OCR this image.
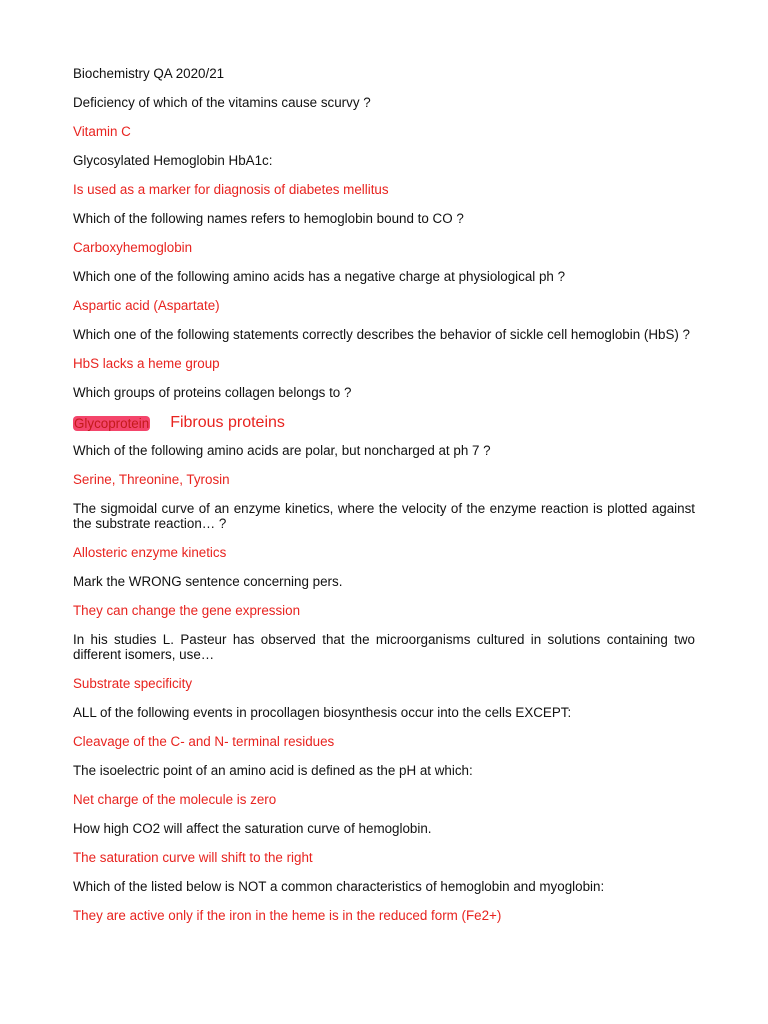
Biochemistry QA 2020/21

Deficiency of which of the vitamins cause scurvy ?

Vitamin C

Glycosylated Hemoglobin HbA1c:

Is used as a marker for diagnosis of diabetes mellitus

Which of the following names refers to hemoglobin bound to CO ?

Carboxyhemoglobin

Which one of the following amino acids has a negative charge at physiological ph ?

Aspartic acid (Aspartate)

Which one of the following statements correctly describes the behavior of sickle cell hemoglobin (HbS) ?

HbS lacks a heme group

Which groups of proteins collagen belongs to ?

Glycoprotein Fibrous proteins

Which of the following amino acids are polar, but noncharged at ph 7 ?

Serine, Threonine, Tyrosin

The sigmoidal curve of an enzyme kinetics, where the velocity of the enzyme reaction is plotted against the substrate reaction… ?

Allosteric enzyme kinetics

Mark the WRONG sentence concerning pers.

They can change the gene expression

In his studies L. Pasteur has observed that the microorganisms cultured in solutions containing two different isomers, use…

Substrate specificity

ALL of the following events in procollagen biosynthesis occur into the cells EXCEPT:

Cleavage of the C- and N- terminal residues

The isoelectric point of an amino acid is defined as the pH at which:

Net charge of the molecule is zero

How high CO2 will affect the saturation curve of hemoglobin.

The saturation curve will shift to the right

Which of the listed below is NOT a common characteristics of hemoglobin and myoglobin:

They are active only if the iron in the heme is in the reduced form (Fe2+)
